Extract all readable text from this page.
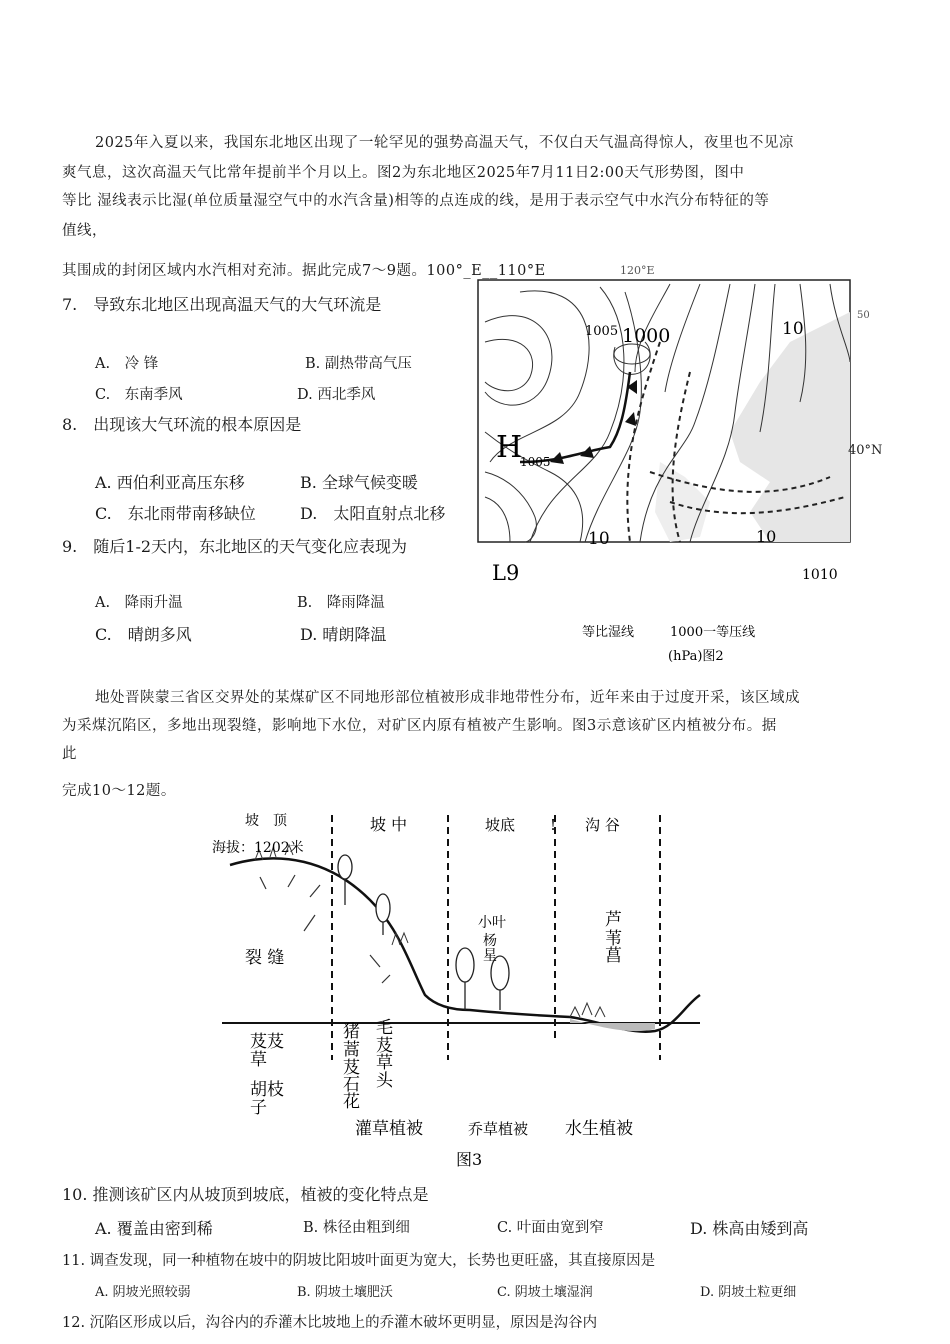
2025年入夏以来，我国东北地区出现了一轮罕见的强势高温天气，不仅白天气温高得惊人，夜里也不见凉
爽气息，这次高温天气比常年提前半个月以上。图2为东北地区2025年7月11日2:00天气形势图，图中
等比 湿线表示比湿(单位质量湿空气中的水汽含量)相等的点连成的线，是用于表示空气中水汽分布特征的等
值线，
其围成的封闭区域内水汽相对充沛。据此完成7～9题。100°_E__110°E
7.　导致东北地区出现高温天气的大气环流是
A.　冷 锋	B. 副热带高气压
C.　东南季风	D. 西北季风
8.　出现该大气环流的根本原因是
A. 西伯利亚高压东移	B. 全球气候变暖
C.　东北雨带南移缺位	D.　太阳直射点北移
9.　随后1-2天内，东北地区的天气变化应表现为
A.　降雨升温	B.　降雨降温
C.　晴朗多风	D. 晴朗降温
120°E
40°N
50
1005 1000	10
1005
H
10	10
L9	1010
等比湿线	1000一等压线
(hPa)图2
地处晋陕蒙三省区交界处的某煤矿区不同地形部位植被形成非地带性分布，近年来由于过度开采，该区域成
为采煤沉陷区，多地出现裂缝，影响地下水位，对矿区内原有植被产生影响。图3示意该矿区内植被分布。据
此
完成10～12题。
坡　顶
海拔：1202米
坡 中	坡底 ! 沟 谷
裂 缝
小叶
杨
星
芦
苇
菖
芨芨
草
胡枝
子
猪
蒿
芨
石
花
毛
芨
草
头
灌草植被	乔草植被 水生植被
图3
10. 推测该矿区内从坡顶到坡底，植被的变化特点是
A. 覆盖由密到稀	B. 株径由粗到细	C. 叶面由宽到窄	D. 株高由矮到高
11. 调查发现，同一种植物在坡中的阴坡比阳坡叶面更为宽大，长势也更旺盛，其直接原因是
A. 阴坡光照较弱	B. 阴坡土壤肥沃	C. 阴坡土壤湿润	D. 阴坡土粒更细
12. 沉陷区形成以后，沟谷内的乔灌木比坡地上的乔灌木破坏更明显，原因是沟谷内
